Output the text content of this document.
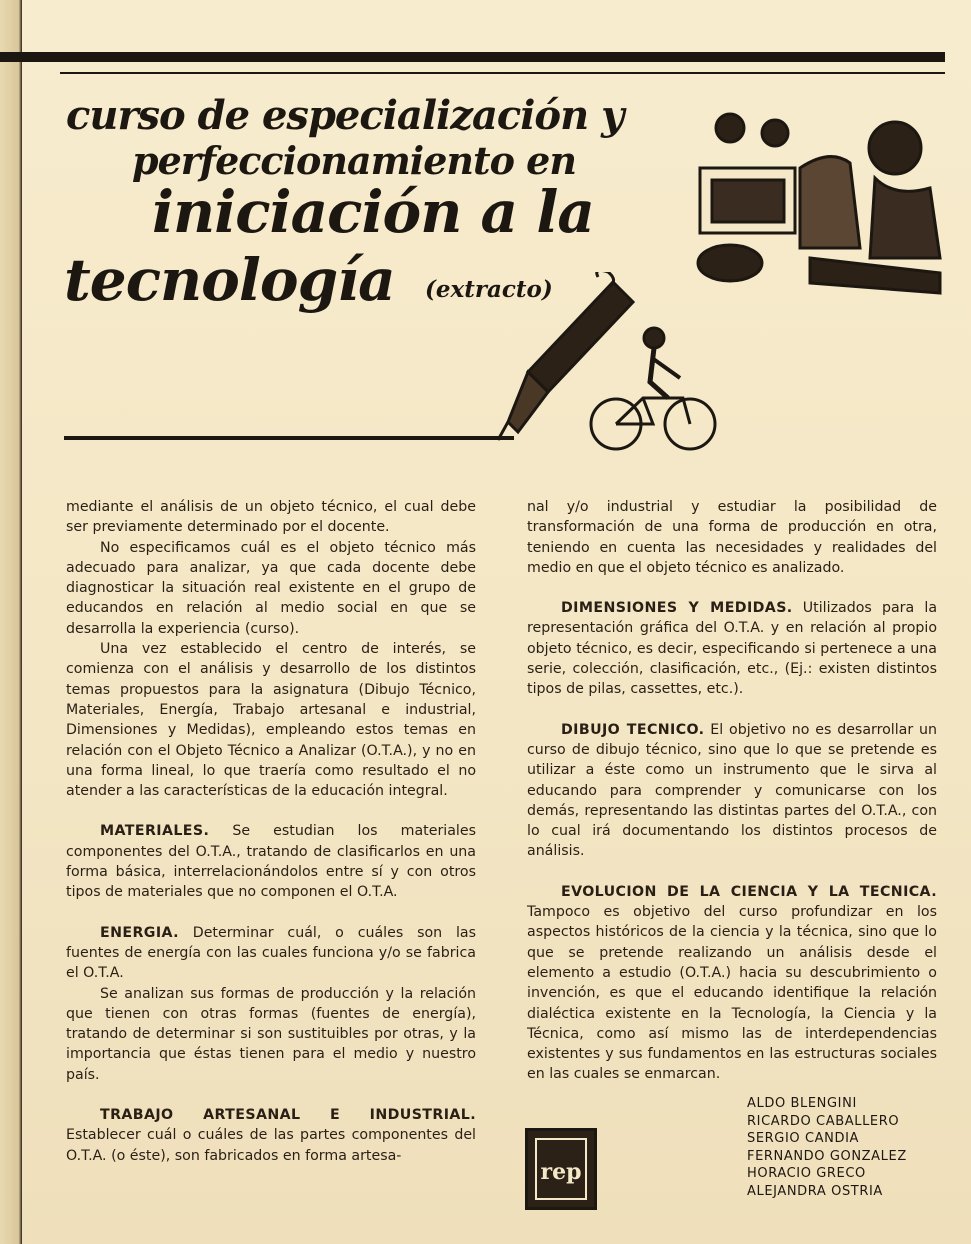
curso de especialización y
perfeccionamiento en
iniciación a la
tecnología (extracto)

mediante el análisis de un objeto técnico, el cual debe ser previamente determinado por el docente.

No especificamos cuál es el objeto técnico más adecuado para analizar, ya que cada docente debe diagnosticar la situación real existente en el grupo de educandos en relación al medio social en que se desarrolla la experiencia (curso).

Una vez establecido el centro de interés, se comienza con el análisis y desarrollo de los distintos temas propuestos para la asignatura (Dibujo Técnico, Materiales, Energía, Trabajo artesanal e industrial, Dimensiones y Medidas), empleando estos temas en relación con el Objeto Técnico a Analizar (O.T.A.), y no en una forma lineal, lo que traería como resultado el no atender a las características de la educación integral.

MATERIALES. Se estudian los materiales componentes del O.T.A., tratando de clasificarlos en una forma básica, interrelacionándolos entre sí y con otros tipos de materiales que no componen el O.T.A.

ENERGIA. Determinar cuál, o cuáles son las fuentes de energía con las cuales funciona y/o se fabrica el O.T.A.

Se analizan sus formas de producción y la relación que tienen con otras formas (fuentes de energía), tratando de determinar si son sustituibles por otras, y la importancia que éstas tienen para el medio y nuestro país.

TRABAJO ARTESANAL E INDUSTRIAL. Establecer cuál o cuáles de las partes componentes del O.T.A. (o éste), son fabricados en forma artesa-

nal y/o industrial y estudiar la posibilidad de transformación de una forma de producción en otra, teniendo en cuenta las necesidades y realidades del medio en que el objeto técnico es analizado.

DIMENSIONES Y MEDIDAS. Utilizados para la representación gráfica del O.T.A. y en relación al propio objeto técnico, es decir, especificando si pertenece a una serie, colección, clasificación, etc., (Ej.: existen distintos tipos de pilas, cassettes, etc.).

DIBUJO TECNICO. El objetivo no es desarrollar un curso de dibujo técnico, sino que lo que se pretende es utilizar a éste como un instrumento que le sirva al educando para comprender y comunicarse con los demás, representando las distintas partes del O.T.A., con lo cual irá documentando los distintos procesos de análisis.

EVOLUCION DE LA CIENCIA Y LA TECNICA. Tampoco es objetivo del curso profundizar en los aspectos históricos de la ciencia y la técnica, sino que lo que se pretende realizando un análisis desde el elemento a estudio (O.T.A.) hacia su descubrimiento o invención, es que el educando identifique la relación dialéctica existente en la Tecnología, la Ciencia y la Técnica, como así mismo las de interdependencias existentes y sus fundamentos en las estructuras sociales en las cuales se enmarcan.

rep
ALDO BLENGINI
RICARDO CABALLERO
SERGIO CANDIA
FERNANDO GONZALEZ
HORACIO GRECO
ALEJANDRA OSTRIA
